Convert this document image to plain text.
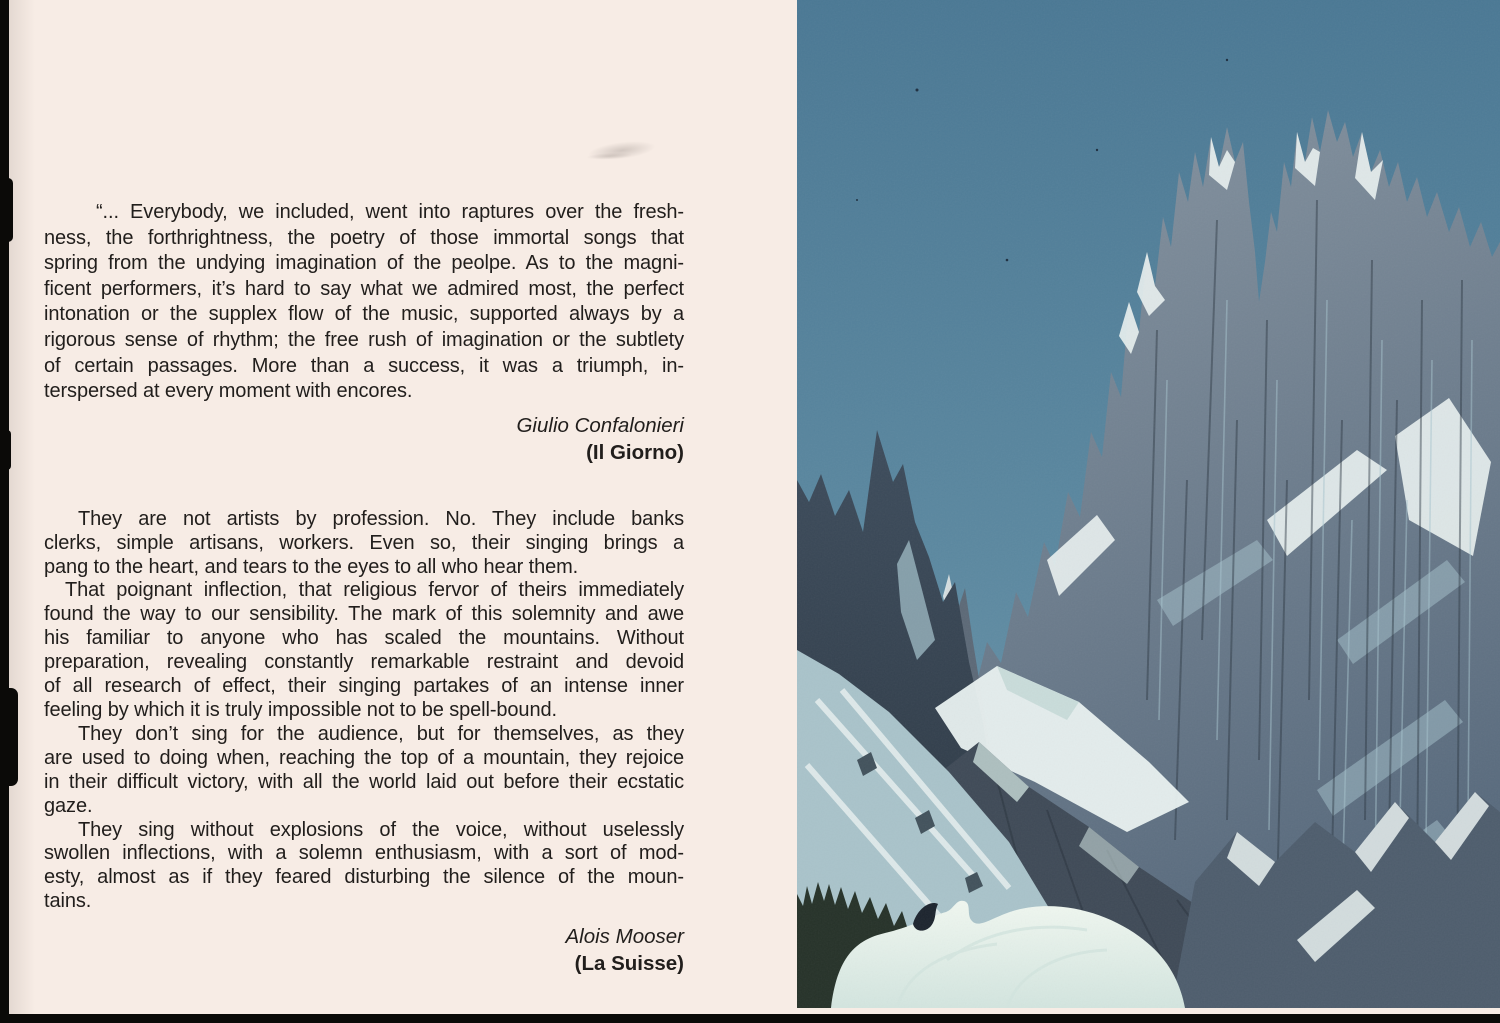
“... Everybody, we included, went into raptures over the fresh-
ness, the forthrightness, the poetry of those immortal songs that
spring from the undying imagination of the peolpe. As to the magni-
ficent performers, it’s hard to say what we admired most, the perfect
intonation or the supplex flow of the music, supported always by a
rigorous sense of rhythm; the free rush of imagination or the subtlety
of certain passages. More than a success, it was a triumph, in-
terspersed at every moment with encores.
Giulio Confalonieri
(Il Giorno)
They are not artists by profession. No. They include banks
clerks, simple artisans, workers. Even so, their singing brings a
pang to the heart, and tears to the eyes to all who hear them.
That poignant inflection, that religious fervor of theirs immediately
found the way to our sensibility. The mark of this solemnity and awe
his familiar to anyone who has scaled the mountains. Without
preparation, revealing constantly remarkable restraint and devoid
of all research of effect, their singing partakes of an intense inner
feeling by which it is truly impossible not to be spell-bound.
They don’t sing for the audience, but for themselves, as they
are used to doing when, reaching the top of a mountain, they rejoice
in their difficult victory, with all the world laid out before their ecstatic
gaze.
They sing without explosions of the voice, without uselessly
swollen inflections, with a solemn enthusiasm, with a sort of mod-
esty, almost as if they feared disturbing the silence of the moun-
tains.
Alois Mooser
(La Suisse)
